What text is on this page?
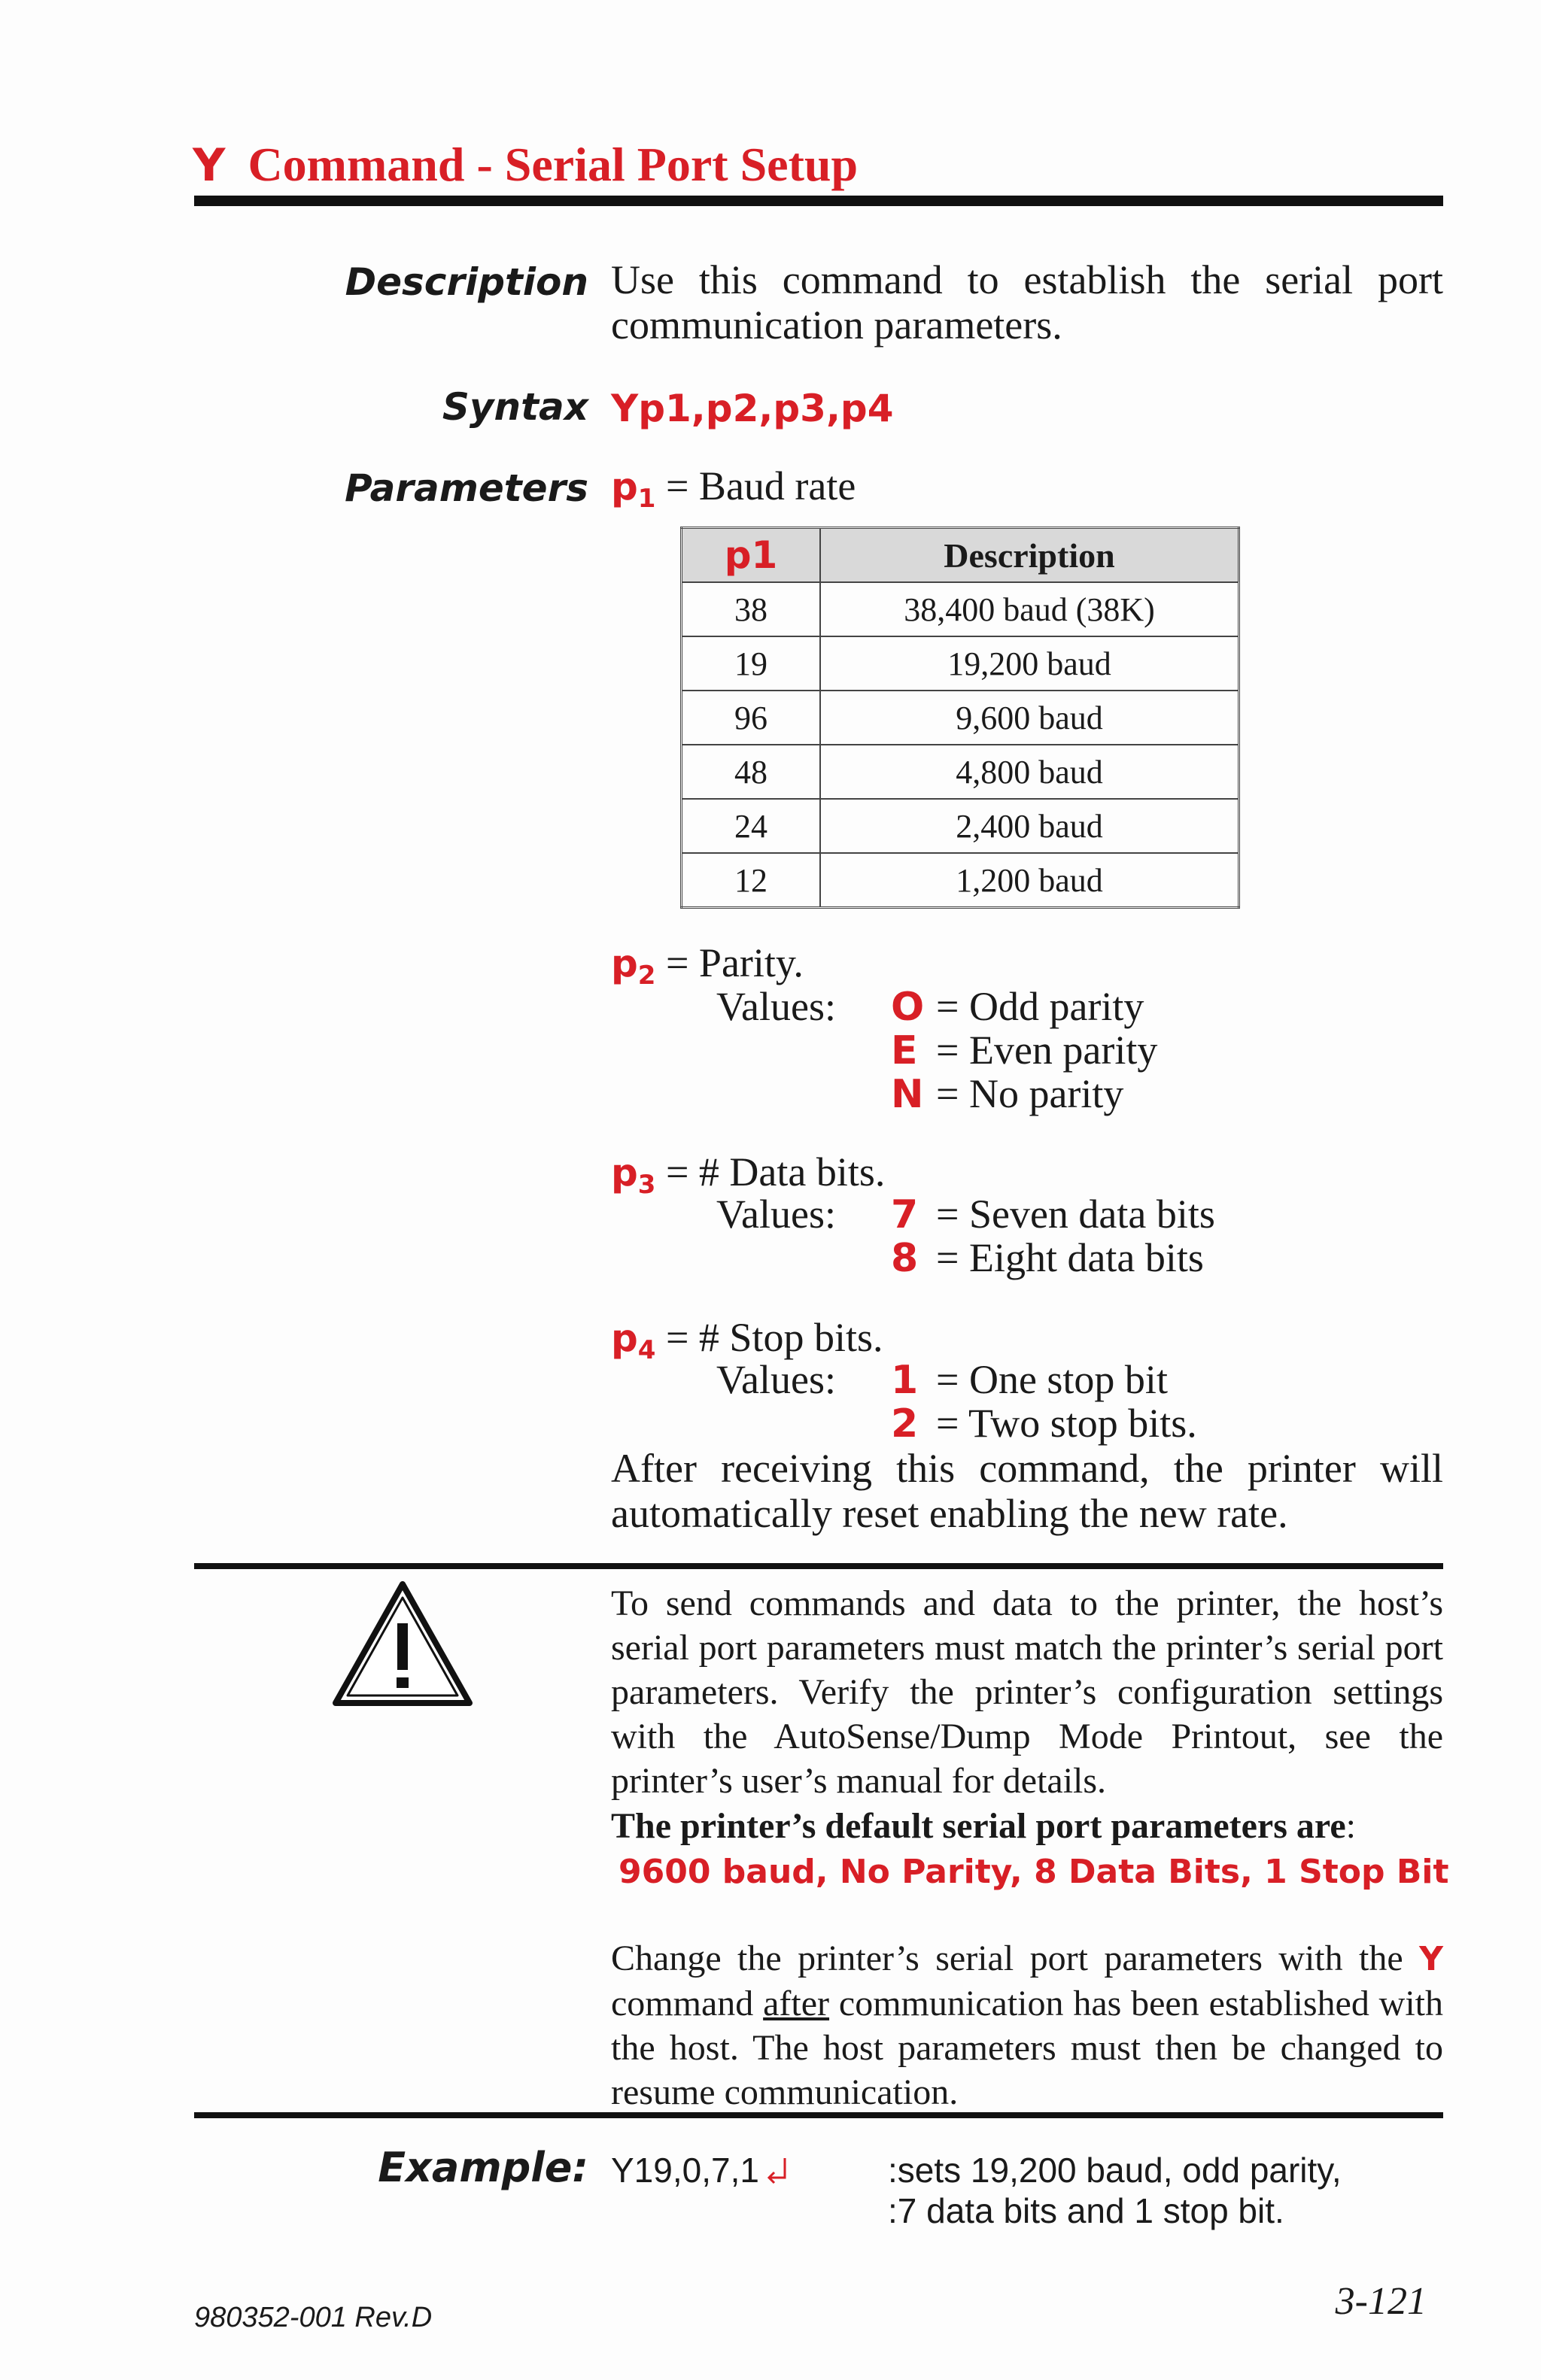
Y Command - Serial Port Setup
Description Use this command to establish the serial port communication parameters.
Syntax Yp1,p2,p3,p4
Parameters $p_1$ = Baud rate
p1	Description
38	38,400 baud (38K)
19	19,200 baud
96	9,600 baud
48	4,800 baud
24	2,400 baud
12	1,200 baud
$p_2$ = Parity.
Values: O = Odd parity
E = Even parity
N = No parity
$p_3$ = # Data bits.
Values: 7 = Seven data bits
8 = Eight data bits
$p_4$ = # Stop bits.
Values: 1 = One stop bit
2 = Two stop bits.
After receiving this command, the printer will automatically reset enabling the new rate.
To send commands and data to the printer, the host’s serial port parameters must match the printer’s serial port parameters. Verify the printer’s configuration settings with the AutoSense/Dump Mode Printout, see the printer’s user’s manual for details.
The printer’s default serial port parameters are:
9600 baud, No Parity, 8 Data Bits, 1 Stop Bit
Change the printer’s serial port parameters with the Y command after communication has been established with the host. The host parameters must then be changed to resume communication.
Example: Y19,0,7,1	:sets 19,200 baud, odd parity,
:7 data bits and 1 stop bit.
980352-001 Rev.D	3-121
